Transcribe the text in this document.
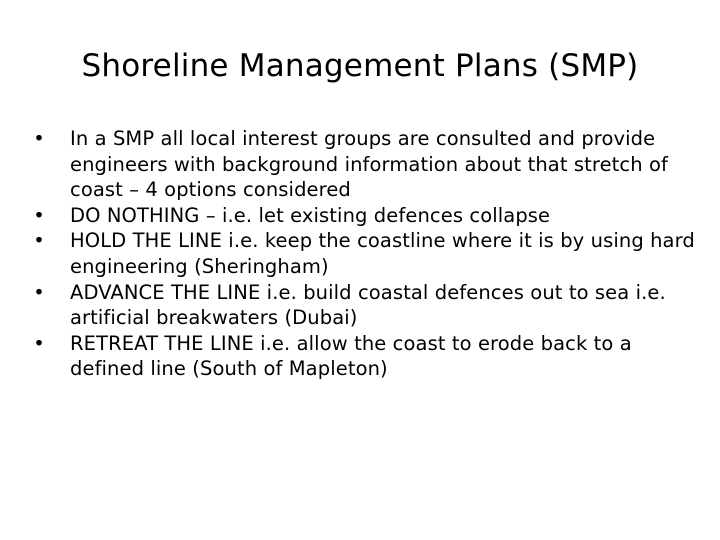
Shoreline Management Plans (SMP)
• In a SMP all local interest groups are consulted and provide engineers with background information about that stretch of coast – 4 options considered
• DO NOTHING – i.e. let existing defences collapse
• HOLD THE LINE i.e. keep the coastline where it is by using hard engineering (Sheringham)
• ADVANCE THE LINE i.e. build coastal defences out to sea i.e. artificial breakwaters (Dubai)
• RETREAT THE LINE i.e. allow the coast to erode back to a defined line (South of Mapleton)
